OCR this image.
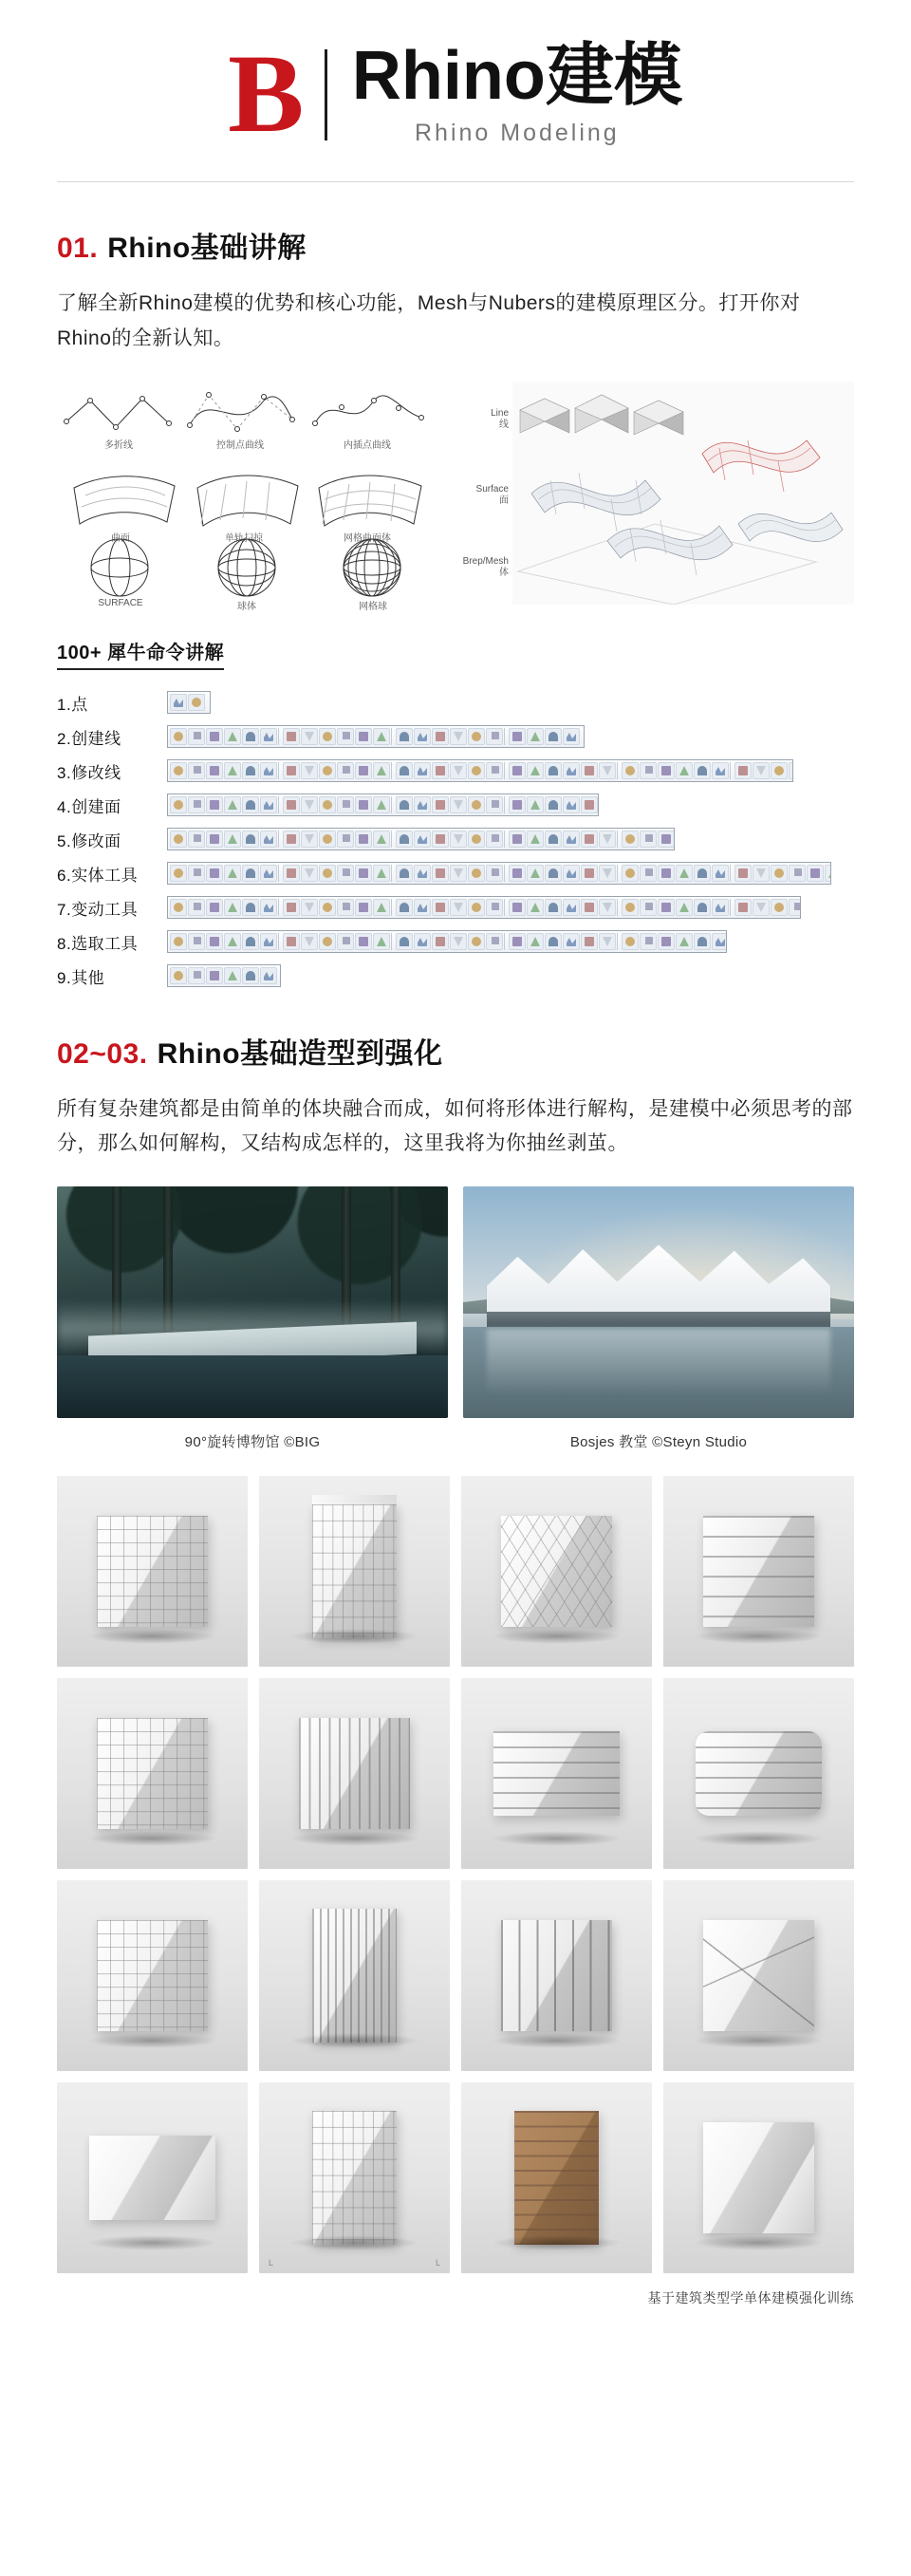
B Rhino建模
Rhino Modeling
01. Rhino基础讲解
了解全新Rhino建模的优势和核心功能，Mesh与Nubers的建模原理区分。打开你对Rhino的全新认知。
多折线	控制点曲线	内插点曲线
曲面	单轨扫掠	网格曲面体
SURFACE	球体	网格球
Line
线
Surface
面
Brep/Mesh
体
100+ 犀牛命令讲解
1.点
2.创建线
3.修改线
4.创建面
5.修改面
6.实体工具
7.变动工具
8.选取工具
9.其他
02~03. Rhino基础造型到强化
所有复杂建筑都是由简单的体块融合而成，如何将形体进行解构，是建模中必须思考的部分，那么如何解构，又结构成怎样的，这里我将为你抽丝剥茧。
90°旋转博物馆 ©BIG	Bosjes 教堂 ©Steyn Studio
L	L
基于建筑类型学单体建模强化训练
